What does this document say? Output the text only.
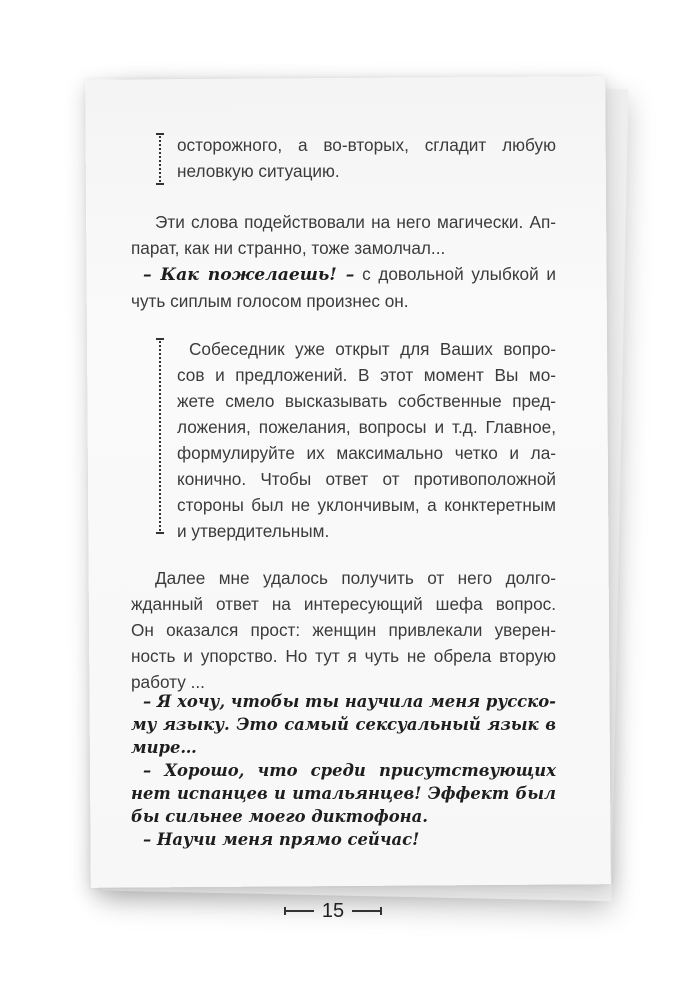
осторожного, а во-вторых, сгладит любую
неловкую ситуацию.
Эти слова подействовали на него магически. Ап-
парат, как ни странно, тоже замолчал...
– Как пожелаешь! – с довольной улыбкой и
чуть сиплым голосом произнес он.
Собеседник уже открыт для Ваших вопро-
сов и предложений. В этот момент Вы мо-
жете смело высказывать собственные пред-
ложения, пожелания, вопросы и т.д. Главное,
формулируйте их максимально четко и ла-
конично. Чтобы ответ от противоположной
стороны был не уклончивым, а конктеретным
и утвердительным.
Далее мне удалось получить от него долго-
жданный ответ на интересующий шефа вопрос.
Он оказался прост: женщин привлекали уверен-
ность и упорство. Но тут я чуть не обрела вторую
работу ...
– Я хочу, чтобы ты научила меня русско-
му языку. Это самый сексуальный язык в
мире…
– Хорошо, что среди присутствующих
нет испанцев и итальянцев! Эффект был
бы сильнее моего диктофона.
– Научи меня прямо сейчас!
15
